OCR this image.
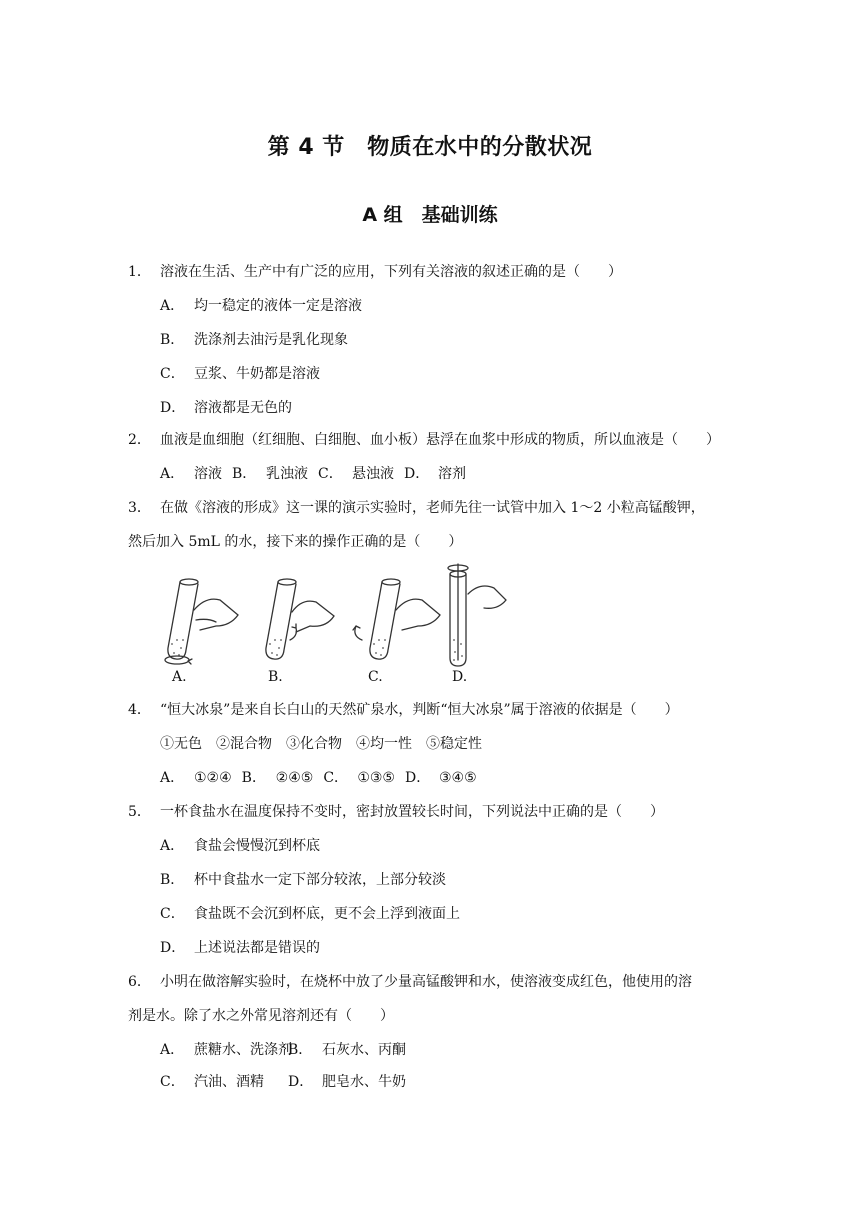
第 4 节　物质在水中的分散状况
A 组　基础训练
1． 溶液在生活、生产中有广泛的应用，下列有关溶液的叙述正确的是（　　）
A． 均一稳定的液体一定是溶液
B． 洗涤剂去油污是乳化现象
C． 豆浆、牛奶都是溶液
D． 溶液都是无色的
2． 血液是血细胞（红细胞、白细胞、血小板）悬浮在血浆中形成的物质，所以血液是（　　）
A． 溶液 B． 乳浊液 C． 悬浊液 D． 溶剂
3． 在做《溶液的形成》这一课的演示实验时，老师先往一试管中加入 1～2 小粒高锰酸钾，
然后加入 5mL 的水，接下来的操作正确的是（　　）
A.	B.	C.	D.
4． “恒大冰泉”是来自长白山的天然矿泉水，判断“恒大冰泉”属于溶液的依据是（　　）
①无色　②混合物　③化合物　④均一性　⑤稳定性
A． ①②④ B． ②④⑤ C． ①③⑤ D． ③④⑤
5． 一杯食盐水在温度保持不变时，密封放置较长时间，下列说法中正确的是（　　）
A． 食盐会慢慢沉到杯底
B． 杯中食盐水一定下部分较浓，上部分较淡
C． 食盐既不会沉到杯底，更不会上浮到液面上
D． 上述说法都是错误的
6． 小明在做溶解实验时，在烧杯中放了少量高锰酸钾和水，使溶液变成红色，他使用的溶
剂是水。除了水之外常见溶剂还有（　　）
A． 蔗糖水、洗涤剂B． 石灰水、丙酮
C． 汽油、酒精 D． 肥皂水、牛奶
